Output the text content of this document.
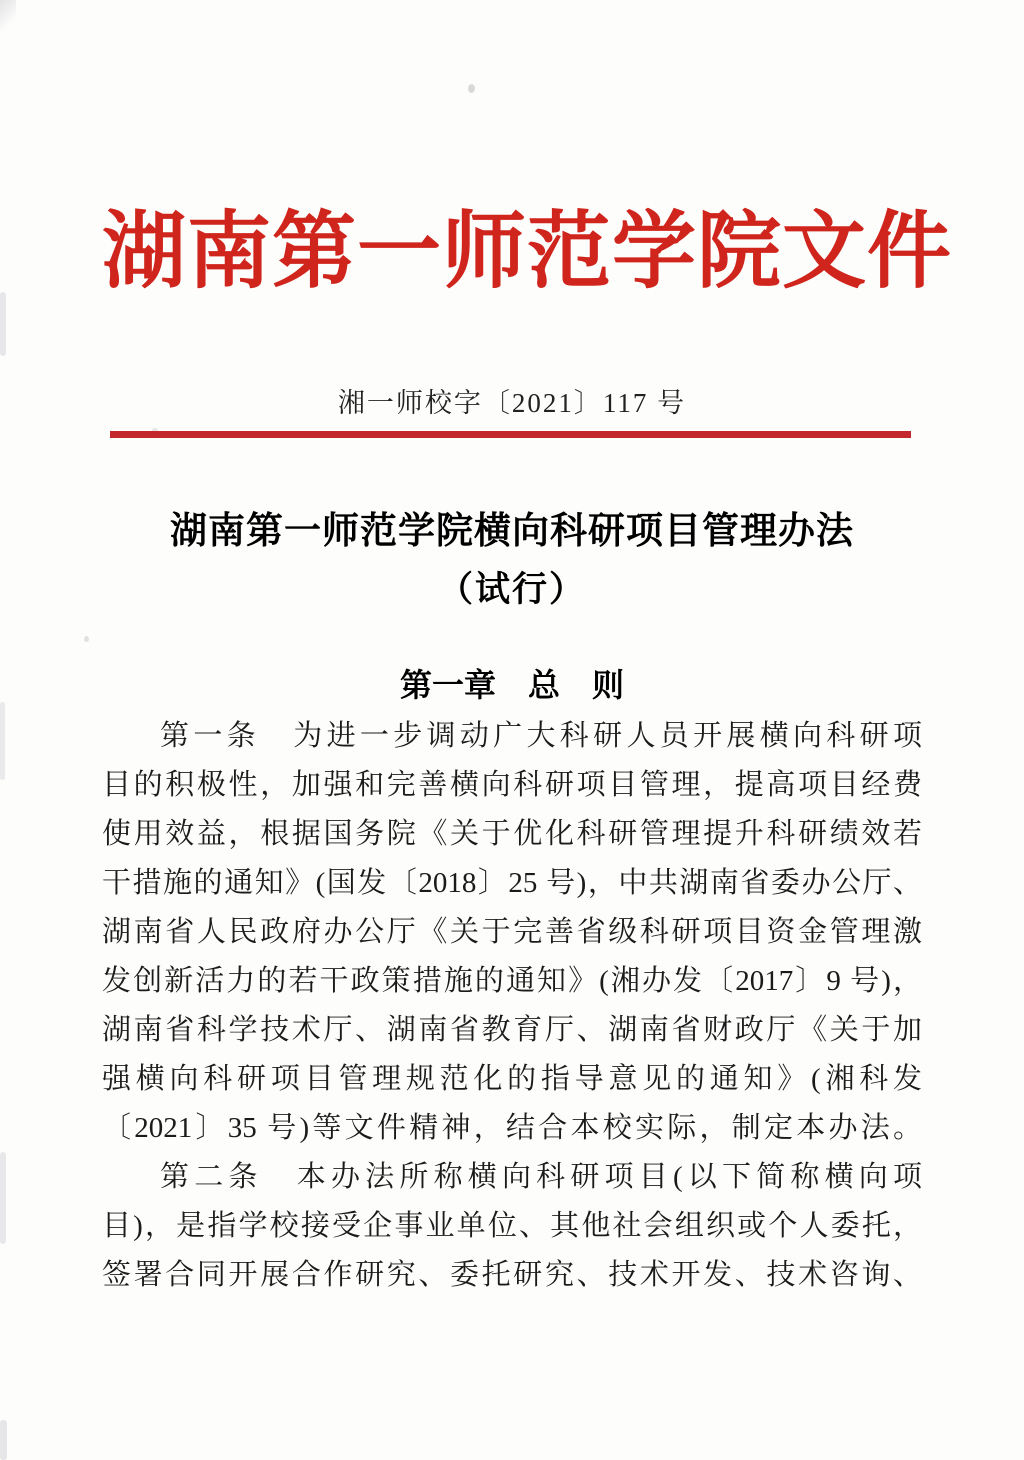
湖南第一师范学院文件
湘一师校字〔2021〕117 号
湖南第一师范学院横向科研项目管理办法
（试行）
第一章　总　则
第一条　为进一步调动广大科研人员开展横向科研项
目的积极性，加强和完善横向科研项目管理，提高项目经费
使用效益，根据国务院《关于优化科研管理提升科研绩效若
干措施的通知》(国发〔2018〕25 号)，中共湖南省委办公厅、
湖南省人民政府办公厅《关于完善省级科研项目资金管理激
发创新活力的若干政策措施的通知》(湘办发〔2017〕9 号)，
湖南省科学技术厅、湖南省教育厅、湖南省财政厅《关于加
强横向科研项目管理规范化的指导意见的通知》(湘科发
〔2021〕35 号)等文件精神，结合本校实际，制定本办法。
第二条　本办法所称横向科研项目(以下简称横向项
目)，是指学校接受企事业单位、其他社会组织或个人委托，
签署合同开展合作研究、委托研究、技术开发、技术咨询、
